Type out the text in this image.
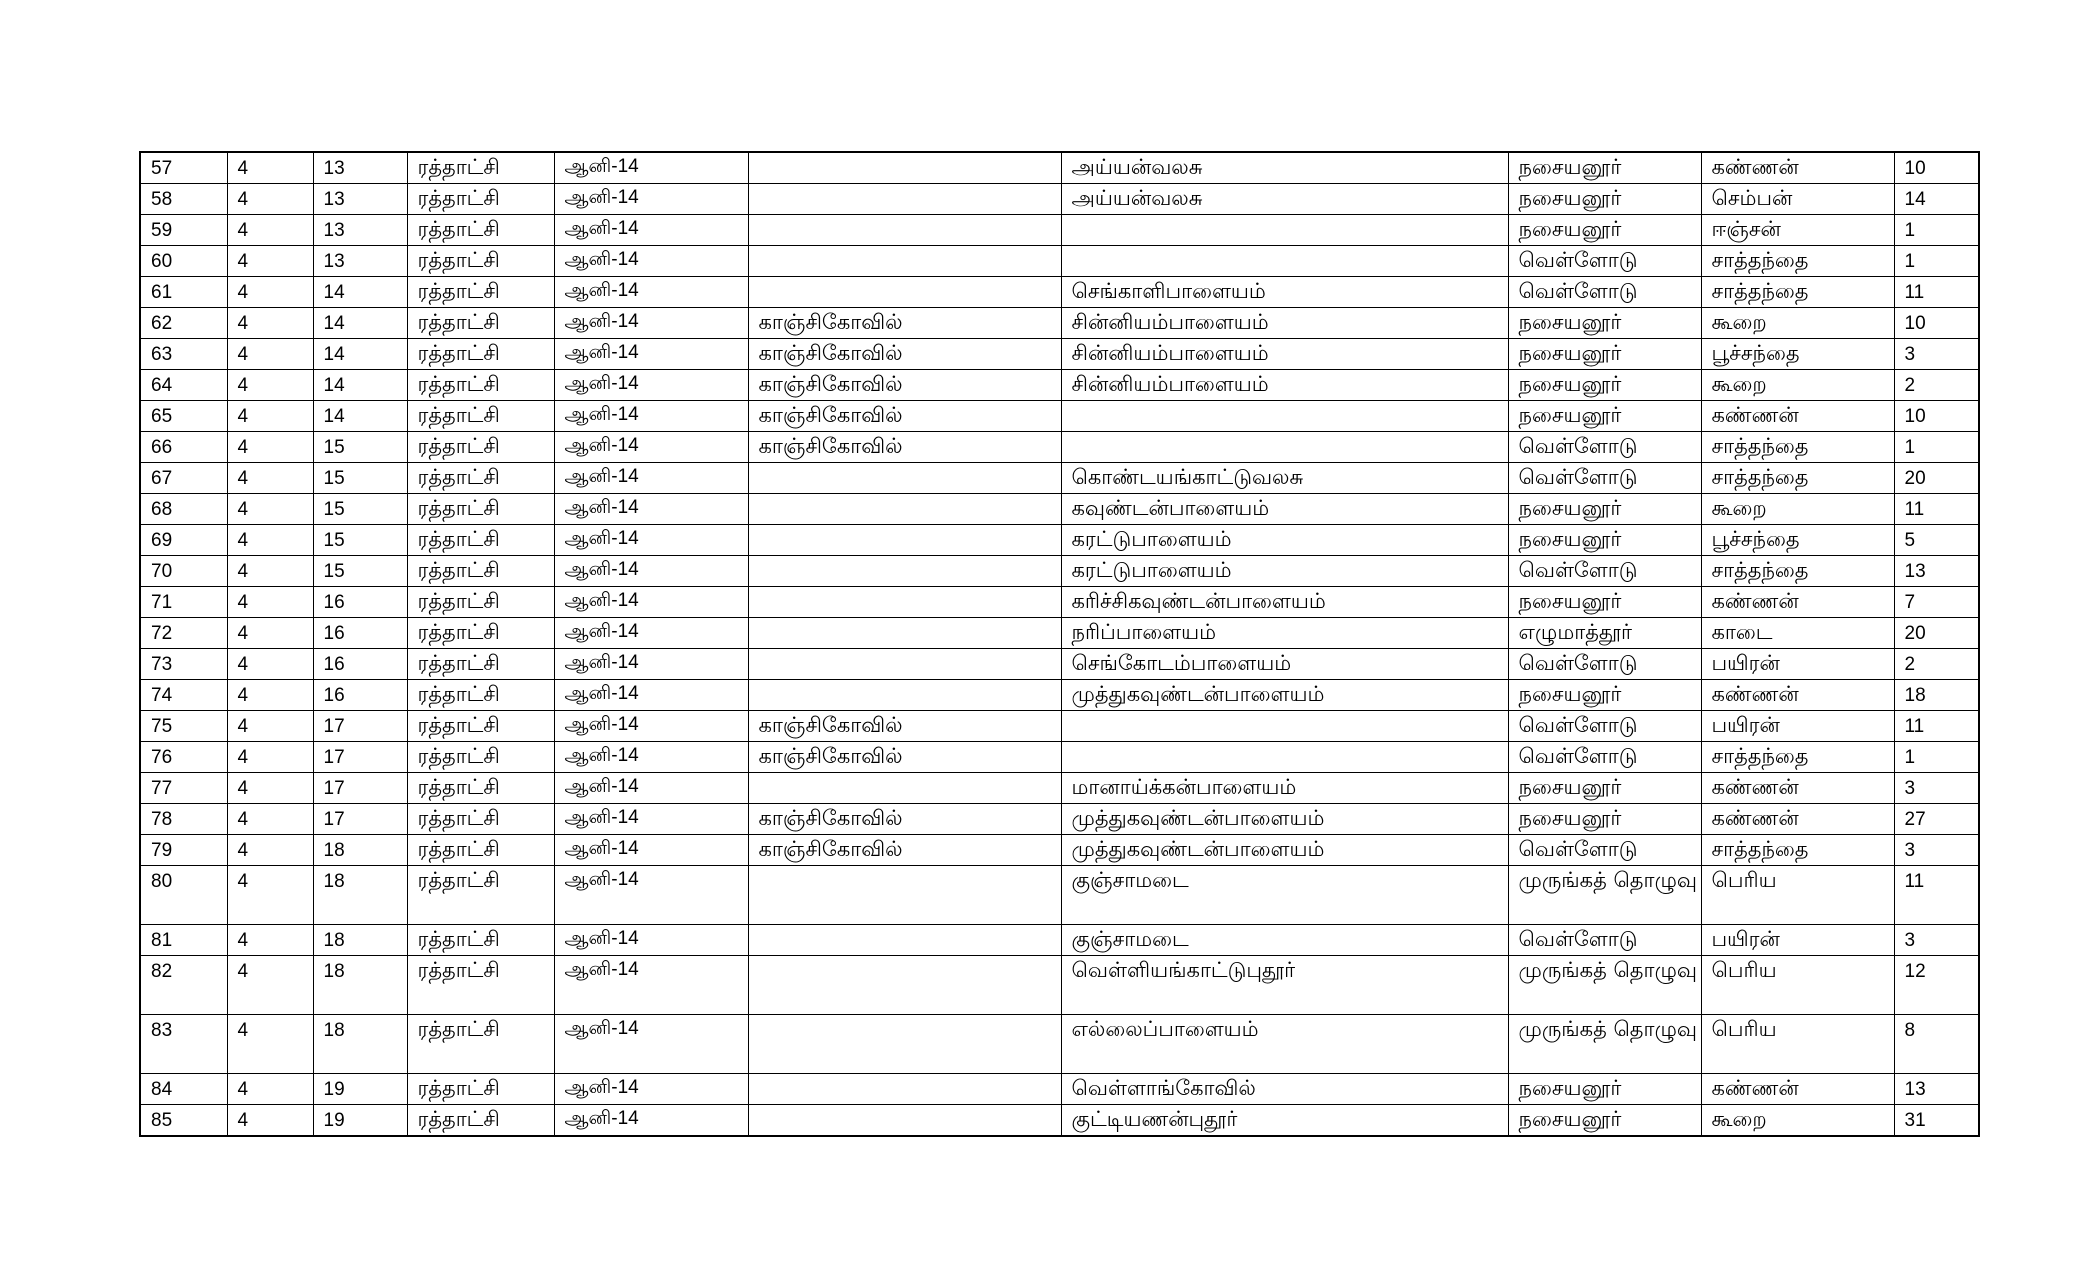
57	4	13	ரத்தாட்சி	ஆனி-14		அய்யன்வலசு	நசையனூர்	கண்ணன்	10
58	4	13	ரத்தாட்சி	ஆனி-14		அய்யன்வலசு	நசையனூர்	செம்பன்	14
59	4	13	ரத்தாட்சி	ஆனி-14			நசையனூர்	ஈஞ்சன்	1
60	4	13	ரத்தாட்சி	ஆனி-14			வெள்ளோடு	சாத்தந்தை	1
61	4	14	ரத்தாட்சி	ஆனி-14		செங்காளிபாளையம்	வெள்ளோடு	சாத்தந்தை	11
62	4	14	ரத்தாட்சி	ஆனி-14	காஞ்சிகோவில்	சின்னியம்பாளையம்	நசையனூர்	கூறை	10
63	4	14	ரத்தாட்சி	ஆனி-14	காஞ்சிகோவில்	சின்னியம்பாளையம்	நசையனூர்	பூச்சந்தை	3
64	4	14	ரத்தாட்சி	ஆனி-14	காஞ்சிகோவில்	சின்னியம்பாளையம்	நசையனூர்	கூறை	2
65	4	14	ரத்தாட்சி	ஆனி-14	காஞ்சிகோவில்		நசையனூர்	கண்ணன்	10
66	4	15	ரத்தாட்சி	ஆனி-14	காஞ்சிகோவில்		வெள்ளோடு	சாத்தந்தை	1
67	4	15	ரத்தாட்சி	ஆனி-14		கொண்டயங்காட்டுவலசு	வெள்ளோடு	சாத்தந்தை	20
68	4	15	ரத்தாட்சி	ஆனி-14		கவுண்டன்பாளையம்	நசையனூர்	கூறை	11
69	4	15	ரத்தாட்சி	ஆனி-14		கரட்டுபாளையம்	நசையனூர்	பூச்சந்தை	5
70	4	15	ரத்தாட்சி	ஆனி-14		கரட்டுபாளையம்	வெள்ளோடு	சாத்தந்தை	13
71	4	16	ரத்தாட்சி	ஆனி-14		கரிச்சிகவுண்டன்பாளையம்	நசையனூர்	கண்ணன்	7
72	4	16	ரத்தாட்சி	ஆனி-14		நரிப்பாளையம்	எழுமாத்தூர்	காடை	20
73	4	16	ரத்தாட்சி	ஆனி-14		செங்கோடம்பாளையம்	வெள்ளோடு	பயிரன்	2
74	4	16	ரத்தாட்சி	ஆனி-14		முத்துகவுண்டன்பாளையம்	நசையனூர்	கண்ணன்	18
75	4	17	ரத்தாட்சி	ஆனி-14	காஞ்சிகோவில்		வெள்ளோடு	பயிரன்	11
76	4	17	ரத்தாட்சி	ஆனி-14	காஞ்சிகோவில்		வெள்ளோடு	சாத்தந்தை	1
77	4	17	ரத்தாட்சி	ஆனி-14		மானாய்க்கன்பாளையம்	நசையனூர்	கண்ணன்	3
78	4	17	ரத்தாட்சி	ஆனி-14	காஞ்சிகோவில்	முத்துகவுண்டன்பாளையம்	நசையனூர்	கண்ணன்	27
79	4	18	ரத்தாட்சி	ஆனி-14	காஞ்சிகோவில்	முத்துகவுண்டன்பாளையம்	வெள்ளோடு	சாத்தந்தை	3
80	4	18	ரத்தாட்சி	ஆனி-14		குஞ்சாமடை	முருங்கத் தொழுவு	பெரிய	11
81	4	18	ரத்தாட்சி	ஆனி-14		குஞ்சாமடை	வெள்ளோடு	பயிரன்	3
82	4	18	ரத்தாட்சி	ஆனி-14		வெள்ளியங்காட்டுபுதூர்	முருங்கத் தொழுவு	பெரிய	12
83	4	18	ரத்தாட்சி	ஆனி-14		எல்லைப்பாளையம்	முருங்கத் தொழுவு	பெரிய	8
84	4	19	ரத்தாட்சி	ஆனி-14		வெள்ளாங்கோவில்	நசையனூர்	கண்ணன்	13
85	4	19	ரத்தாட்சி	ஆனி-14		குட்டியணன்புதூர்	நசையனூர்	கூறை	31
